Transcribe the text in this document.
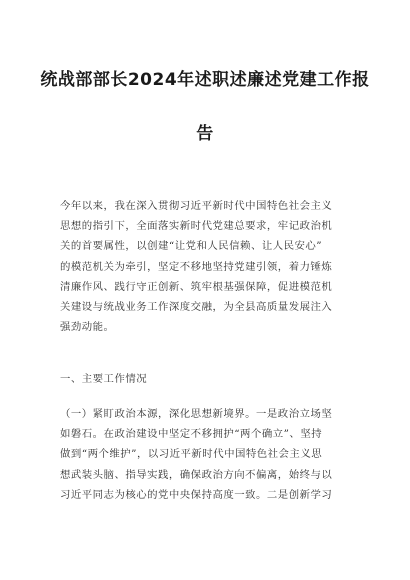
统战部部长2024年述职述廉述党建工作报
告
今年以来，我在深入贯彻习近平新时代中国特色社会主义
思想的指引下，全面落实新时代党建总要求，牢记政治机
关的首要属性，以创建“让党和人民信赖、让人民安心”
的模范机关为牵引，坚定不移地坚持党建引领，着力锤炼
清廉作风、践行守正创新、筑牢根基强保障，促进模范机
关建设与统战业务工作深度交融，为全县高质量发展注入
强劲动能。
一、主要工作情况
（一）紧盯政治本源，深化思想新境界。一是政治立场坚
如磐石。在政治建设中坚定不移拥护“两个确立”、坚持
做到“两个维护”，以习近平新时代中国特色社会主义思
想武装头脑、指导实践，确保政治方向不偏离，始终与以
习近平同志为核心的党中央保持高度一致。二是创新学习
